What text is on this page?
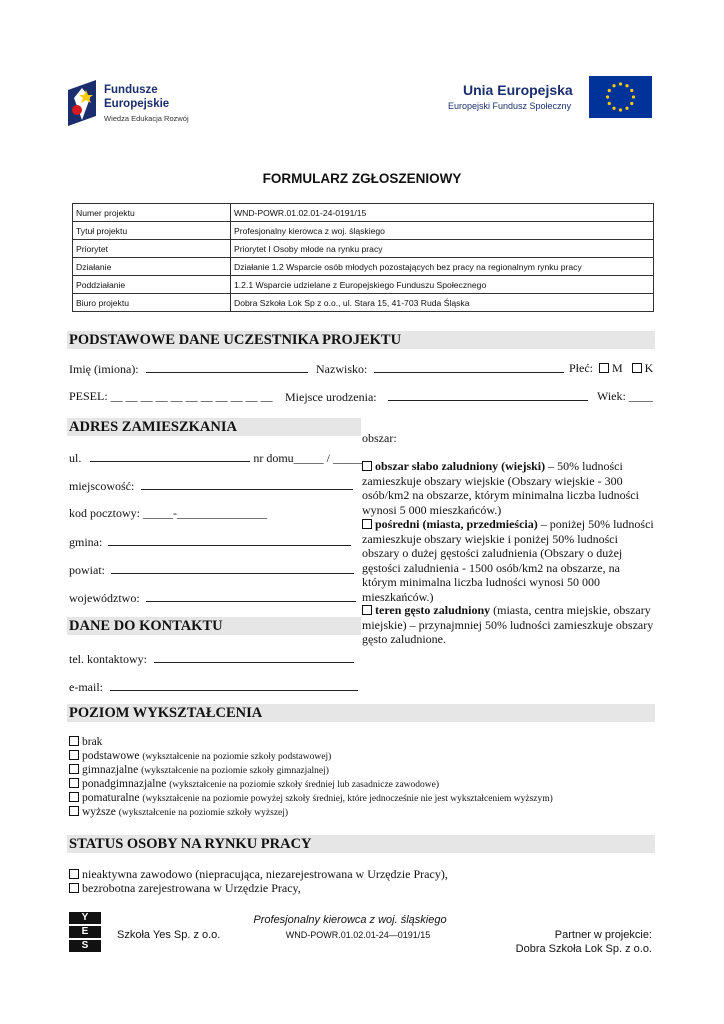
Fundusze
Europejskie
Wiedza Edukacja Rozwój
Unia Europejska
Europejski Fundusz Społeczny
FORMULARZ ZGŁOSZENIOWY
Numer projektu	WND-POWR.01.02.01-24-0191/15
Tytuł projektu	Profesjonalny kierowca z woj. śląskiego
Priorytet	Priorytet I Osoby młode na rynku pracy
Działanie	Działanie 1.2 Wsparcie osób młodych pozostających bez pracy na regionalnym rynku pracy
Poddziałanie	1.2.1 Wsparcie udzielane z Europejskiego Funduszu Społecznego
Biuro projektu	Dobra Szkoła Lok Sp z o.o., ul. Stara 15, 41-703 Ruda Śląska
PODSTAWOWE DANE UCZESTNIKA PROJEKTU
Imię (imiona):	Nazwisko:	Płeć: M K
PESEL: __ __ __ __ __ __ __ __ __ __ __ Miejsce urodzenia:	Wiek: ____
ADRES ZAMIESZKANIA
ul.	nr domu_____ / _____
miejscowość:
kod pocztowy: _____-_______________
gmina:
powiat:
województwo:
obszar:
obszar słabo zaludniony (wiejski) – 50% ludności zamieszkuje obszary wiejskie (Obszary wiejskie - 300 osób/km2 na obszarze, którym minimalna liczba ludności wynosi 5 000 mieszkańców.)
pośredni (miasta, przedmieścia) – poniżej 50% ludności zamieszkuje obszary wiejskie i poniżej 50% ludności obszary o dużej gęstości zaludnienia (Obszary o dużej gęstości zaludnienia - 1500 osób/km2 na obszarze, na którym minimalna liczba ludności wynosi 50 000 mieszkańców.)
teren gęsto zaludniony (miasta, centra miejskie, obszary miejskie) – przynajmniej 50% ludności zamieszkuje obszary gęsto zaludnione.
DANE DO KONTAKTU
tel. kontaktowy:
e-mail:
POZIOM WYKSZTAŁCENIA
brak
podstawowe (wykształcenie na poziomie szkoły podstawowej)
gimnazjalne (wykształcenie na poziomie szkoły gimnazjalnej)
ponadgimnazjalne (wykształcenie na poziomie szkoły średniej lub zasadnicze zawodowe)
pomaturalne (wykształcenie na poziomie powyżej szkoły średniej, które jednocześnie nie jest wykształceniem wyższym)
wyższe (wykształcenie na poziomie szkoły wyższej)
STATUS OSOBY NA RYNKU PRACY
nieaktywna zawodowo (niepracująca, niezarejestrowana w Urzędzie Pracy),
bezrobotna zarejestrowana w Urzędzie Pracy,
Y
E
S
Szkoła Yes Sp. z o.o.
Profesjonalny kierowca z woj. śląskiego
WND-POWR.01.02.01-24—0191/15	Partner w projekcie:
Dobra Szkoła Lok Sp. z o.o.
